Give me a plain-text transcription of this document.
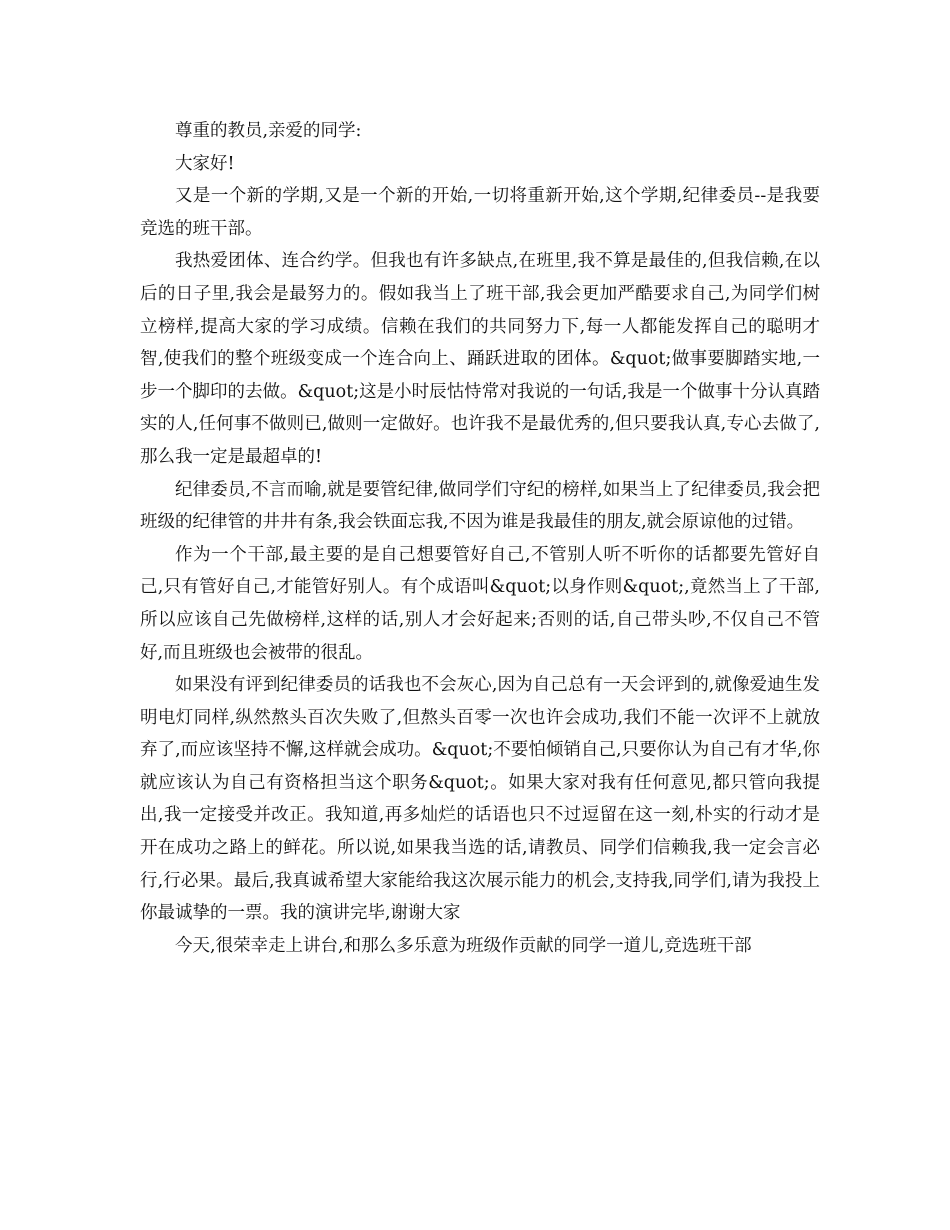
尊重的教员,亲爱的同学:

大家好!

又是一个新的学期,又是一个新的开始,一切将重新开始,这个学期,纪律委员--是我要竞选的班干部。

我热爱团体、连合约学。但我也有许多缺点,在班里,我不算是最佳的,但我信赖,在以后的日子里,我会是最努力的。假如我当上了班干部,我会更加严酷要求自己,为同学们树立榜样,提高大家的学习成绩。信赖在我们的共同努力下,每一人都能发挥自己的聪明才智,使我们的整个班级变成一个连合向上、踊跃进取的团体。&quot;做事要脚踏实地,一步一个脚印的去做。&quot;这是小时辰怙恃常对我说的一句话,我是一个做事十分认真踏实的人,任何事不做则已,做则一定做好。也许我不是最优秀的,但只要我认真,专心去做了,那么我一定是最超卓的!

纪律委员,不言而喻,就是要管纪律,做同学们守纪的榜样,如果当上了纪律委员,我会把班级的纪律管的井井有条,我会铁面忘我,不因为谁是我最佳的朋友,就会原谅他的过错。

作为一个干部,最主要的是自己想要管好自己,不管别人听不听你的话都要先管好自己,只有管好自己,才能管好别人。有个成语叫&quot;以身作则&quot;,竟然当上了干部,所以应该自己先做榜样,这样的话,别人才会好起来;否则的话,自己带头吵,不仅自己不管好,而且班级也会被带的很乱。

如果没有评到纪律委员的话我也不会灰心,因为自己总有一天会评到的,就像爱迪生发明电灯同样,纵然熬头百次失败了,但熬头百零一次也许会成功,我们不能一次评不上就放弃了,而应该坚持不懈,这样就会成功。&quot;不要怕倾销自己,只要你认为自己有才华,你就应该认为自己有资格担当这个职务&quot;。如果大家对我有任何意见,都只管向我提出,我一定接受并改正。我知道,再多灿烂的话语也只不过逗留在这一刻,朴实的行动才是开在成功之路上的鲜花。所以说,如果我当选的话,请教员、同学们信赖我,我一定会言必行,行必果。最后,我真诚希望大家能给我这次展示能力的机会,支持我,同学们,请为我投上你最诚挚的一票。我的演讲完毕,谢谢大家

今天,很荣幸走上讲台,和那么多乐意为班级作贡献的同学一道儿,竞选班干部
